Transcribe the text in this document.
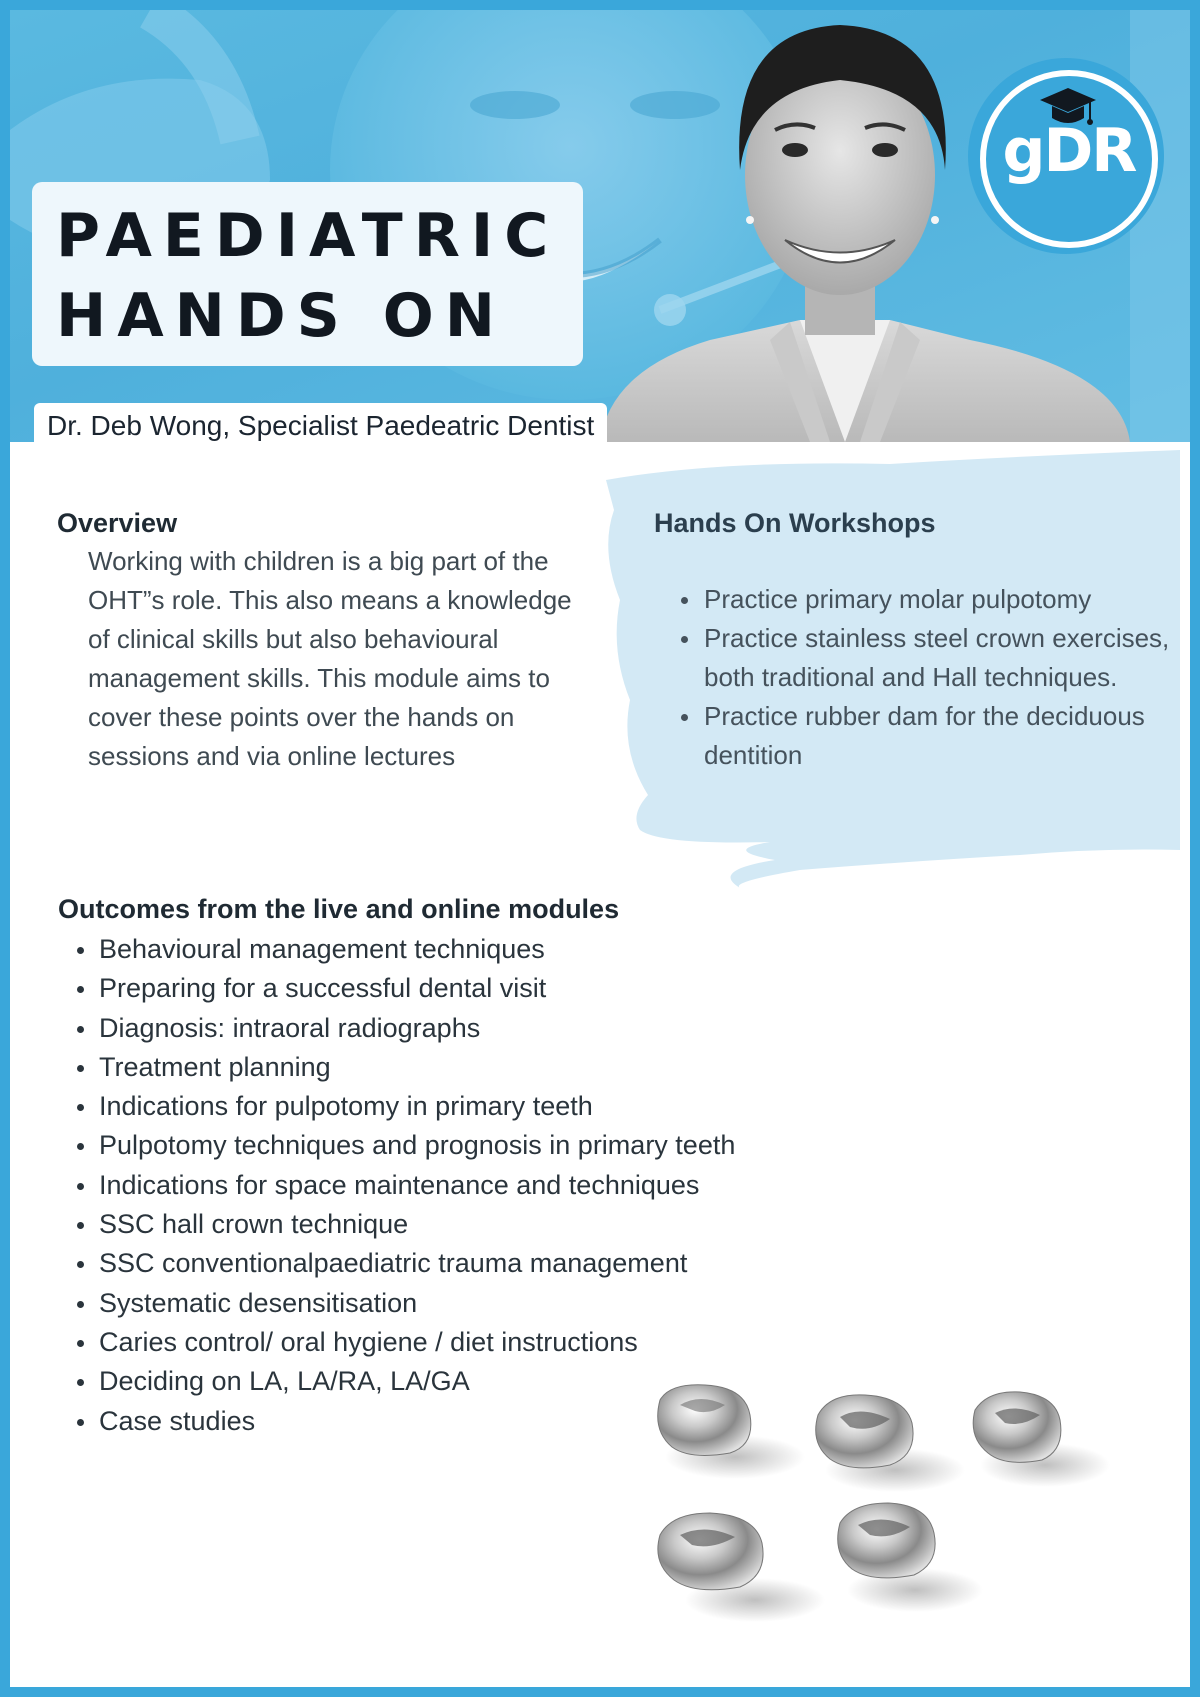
PAEDIATRIC
HANDS ON
gDR
Dr. Deb Wong, Specialist Paedeatric Dentist
Overview

Working with children is a big part of the OHT”s role. This also means a knowledge of clinical skills but also behavioural management skills. This module aims to cover these points over the hands on sessions and via online lectures

Hands On Workshops
• Practice primary molar pulpotomy
• Practice stainless steel crown exercises, both traditional and Hall techniques.
• Practice rubber dam for the deciduous dentition
Outcomes from the live and online modules
• Behavioural management techniques
• Preparing for a successful dental visit
• Diagnosis: intraoral radiographs
• Treatment planning
• Indications for pulpotomy in primary teeth
• Pulpotomy techniques and prognosis in primary teeth
• Indications for space maintenance and techniques
• SSC hall crown technique
• SSC conventionalpaediatric trauma management
• Systematic desensitisation
• Caries control/ oral hygiene / diet instructions
• Deciding on LA, LA/RA, LA/GA
• Case studies
